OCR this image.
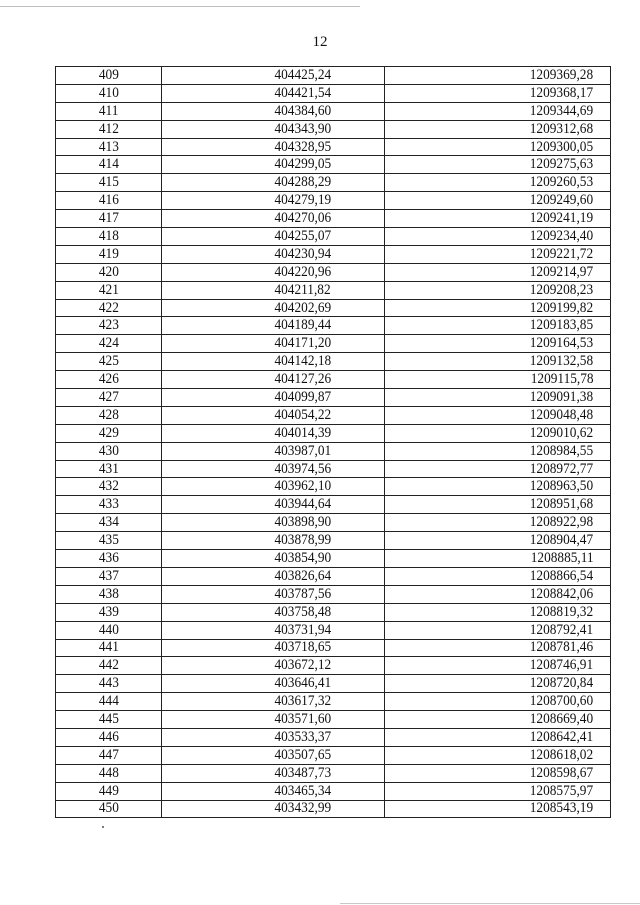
12
409	404425,24	1209369,28
410	404421,54	1209368,17
411	404384,60	1209344,69
412	404343,90	1209312,68
413	404328,95	1209300,05
414	404299,05	1209275,63
415	404288,29	1209260,53
416	404279,19	1209249,60
417	404270,06	1209241,19
418	404255,07	1209234,40
419	404230,94	1209221,72
420	404220,96	1209214,97
421	404211,82	1209208,23
422	404202,69	1209199,82
423	404189,44	1209183,85
424	404171,20	1209164,53
425	404142,18	1209132,58
426	404127,26	1209115,78
427	404099,87	1209091,38
428	404054,22	1209048,48
429	404014,39	1209010,62
430	403987,01	1208984,55
431	403974,56	1208972,77
432	403962,10	1208963,50
433	403944,64	1208951,68
434	403898,90	1208922,98
435	403878,99	1208904,47
436	403854,90	1208885,11
437	403826,64	1208866,54
438	403787,56	1208842,06
439	403758,48	1208819,32
440	403731,94	1208792,41
441	403718,65	1208781,46
442	403672,12	1208746,91
443	403646,41	1208720,84
444	403617,32	1208700,60
445	403571,60	1208669,40
446	403533,37	1208642,41
447	403507,65	1208618,02
448	403487,73	1208598,67
449	403465,34	1208575,97
450	403432,99	1208543,19
